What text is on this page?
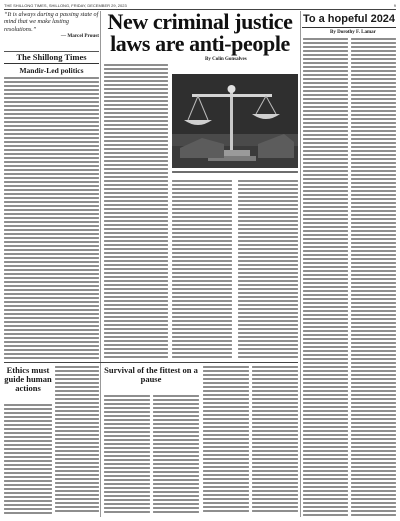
THE SHILLONG TIMES, SHILLONG, FRIDAY, DECEMBER 29, 2023	9
“It is always during a passing state of mind that we make lasting resolutions.”
— Marcel Proust
The Shillong Times
Mandir-Led politics
New criminal justice laws are anti-people
By Colin Gonsalves
To a hopeful 2024
By Dorothy F. Lamar
Ethics must guide human actions
Survival of the fittest on a pause
